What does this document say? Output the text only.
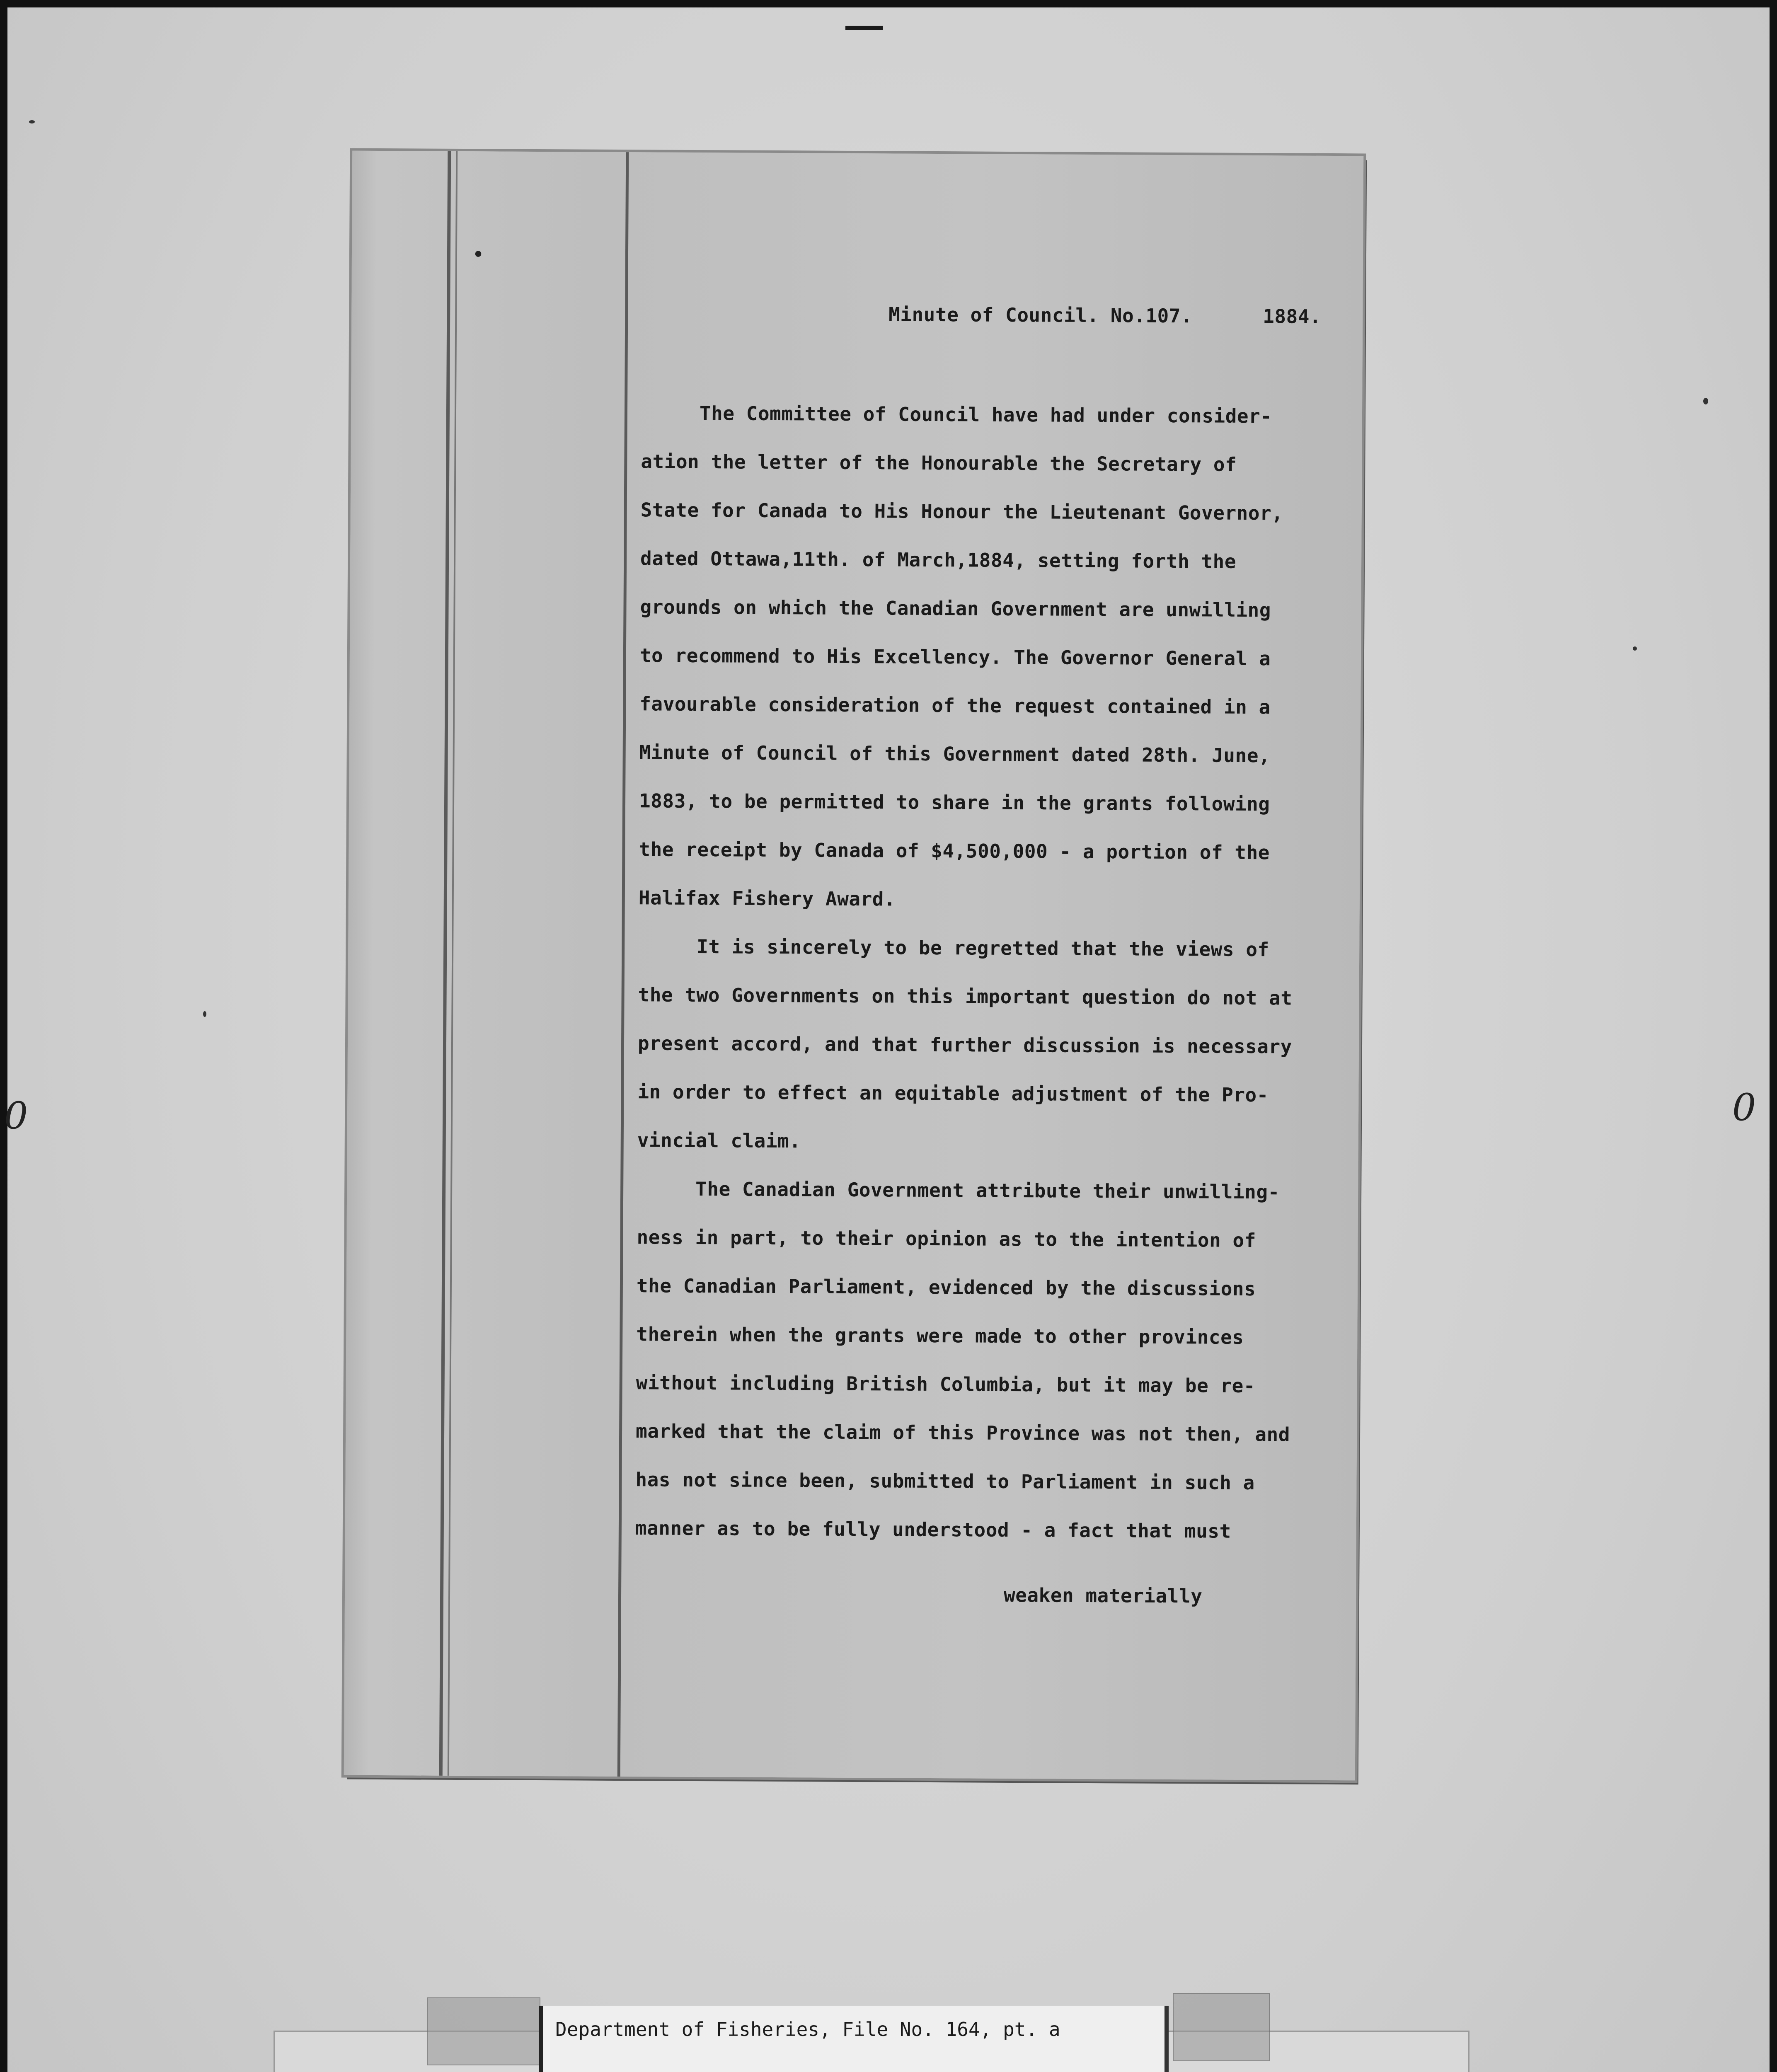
0	0
•
Minute of Council. No.107.	1884.
The Committee of Council have had under consider-
ation the letter of the Honourable the Secretary of
State for Canada to His Honour the Lieutenant Governor,
dated Ottawa,11th. of March,1884, setting forth the
grounds on which the Canadian Government are unwilling
to recommend to His Excellency. The Governor General a
favourable consideration of the request contained in a
Minute of Council of this Government dated 28th. June,
1883, to be permitted to share in the grants following
the receipt by Canada of $4,500,000 - a portion of the
Halifax Fishery Award.
It is sincerely to be regretted that the views of
the two Governments on this important question do not at
present accord, and that further discussion is necessary
in order to effect an equitable adjustment of the Pro-
vincial claim.
The Canadian Government attribute their unwilling-
ness in part, to their opinion as to the intention of
the Canadian Parliament, evidenced by the discussions
therein when the grants were made to other provinces
without including British Columbia, but it may be re-
marked that the claim of this Province was not then, and
has not since been, submitted to Parliament in such a
manner as to be fully understood - a fact that must
weaken materially
Department of Fisheries, File No. 164, pt. a
